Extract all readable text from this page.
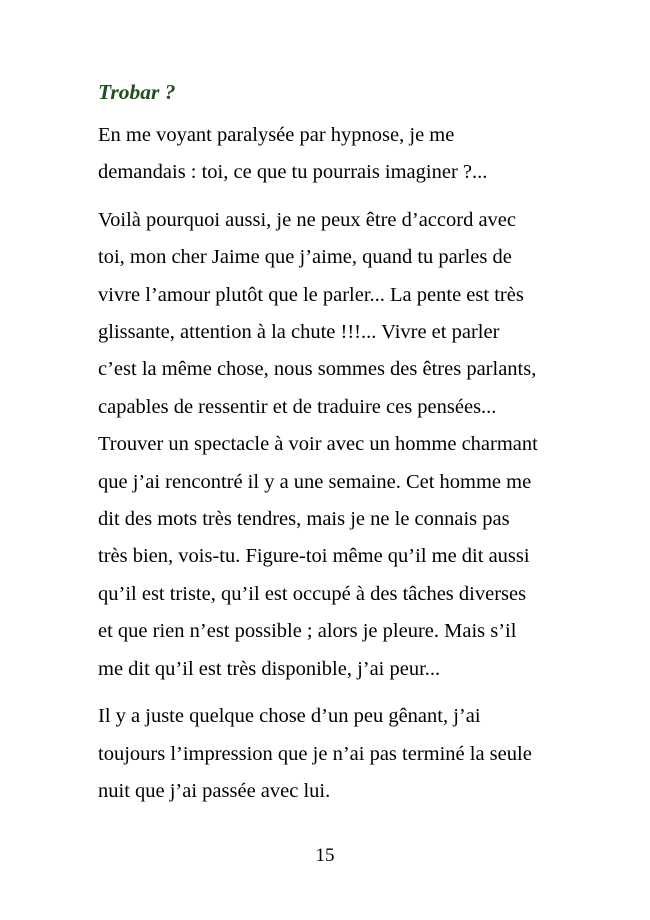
Trobar ?

En me voyant paralysée par hypnose, je me
demandais : toi, ce que tu pourrais imaginer ?...

Voilà pourquoi aussi, je ne peux être d’accord avec
toi, mon cher Jaime que j’aime, quand tu parles de
vivre l’amour plutôt que le parler... La pente est très
glissante, attention à la chute !!!... Vivre et parler
c’est la même chose, nous sommes des êtres parlants,
capables de ressentir et de traduire ces pensées...
Trouver un spectacle à voir avec un homme charmant
que j’ai rencontré il y a une semaine. Cet homme me
dit des mots très tendres, mais je ne le connais pas
très bien, vois-tu. Figure-toi même qu’il me dit aussi
qu’il est triste, qu’il est occupé à des tâches diverses
et que rien n’est possible ; alors je pleure. Mais s’il
me dit qu’il est très disponible, j’ai peur...

Il y a juste quelque chose d’un peu gênant, j’ai
toujours l’impression que je n’ai pas terminé la seule
nuit que j’ai passée avec lui.

15
